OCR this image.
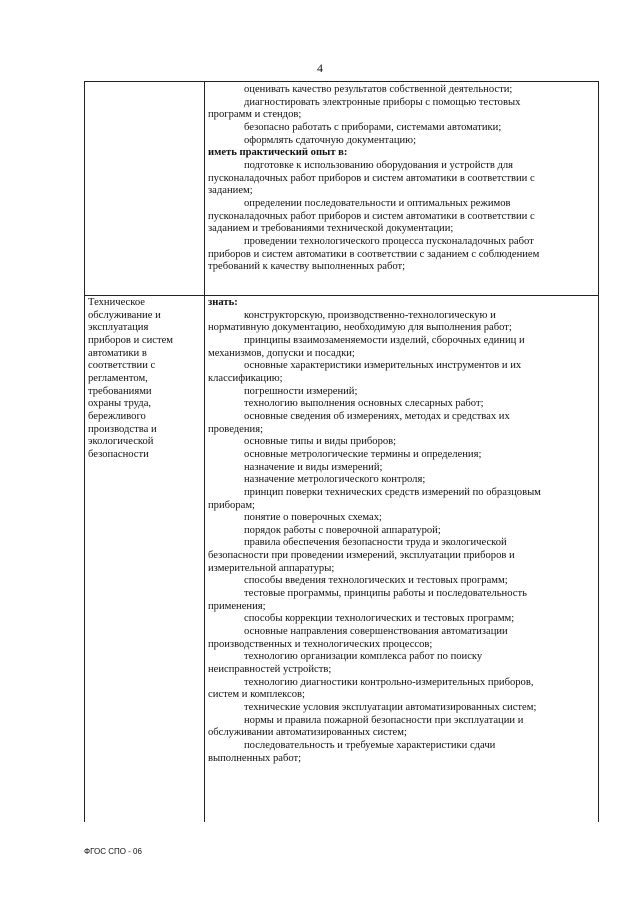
4
оценивать качество результатов собственной деятельности;
диагностировать электронные приборы с помощью тестовых
программ и стендов;
безопасно работать с приборами, системами автоматики;
оформлять сдаточную документацию;
иметь практический опыт в:
подготовке к использованию оборудования и устройств для
пусконаладочных работ приборов и систем автоматики в соответствии с
заданием;
определении последовательности и оптимальных режимов
пусконаладочных работ приборов и систем автоматики в соответствии с
заданием и требованиями технической документации;
проведении технологического процесса пусконаладочных работ
приборов и систем автоматики в соответствии с заданием с соблюдением
требований к качеству выполненных работ;
Техническое
обслуживание и
эксплуатация
приборов и систем
автоматики в
соответствии с
регламентом,
требованиями
охраны труда,
бережливого
производства и
экологической
безопасности
знать:
конструкторскую, производственно-технологическую и
нормативную документацию, необходимую для выполнения работ;
принципы взаимозаменяемости изделий, сборочных единиц и
механизмов, допуски и посадки;
основные характеристики измерительных инструментов и их
классификацию;
погрешности измерений;
технологию выполнения основных слесарных работ;
основные сведения об измерениях, методах и средствах их
проведения;
основные типы и виды приборов;
основные метрологические термины и определения;
назначение и виды измерений;
назначение метрологического контроля;
принцип поверки технических средств измерений по образцовым
приборам;
понятие о поверочных схемах;
порядок работы с поверочной аппаратурой;
правила обеспечения безопасности труда и экологической
безопасности при проведении измерений, эксплуатации приборов и
измерительной аппаратуры;
способы введения технологических и тестовых программ;
тестовые программы, принципы работы и последовательность
применения;
способы коррекции технологических и тестовых программ;
основные направления совершенствования автоматизации
производственных и технологических процессов;
технологию организации комплекса работ по поиску
неисправностей устройств;
технологию диагностики контрольно-измерительных приборов,
систем и комплексов;
технические условия эксплуатации автоматизированных систем;
нормы и правила пожарной безопасности при эксплуатации и
обслуживании автоматизированных систем;
последовательность и требуемые характеристики сдачи
выполненных работ;
ФГОС СПО - 06
